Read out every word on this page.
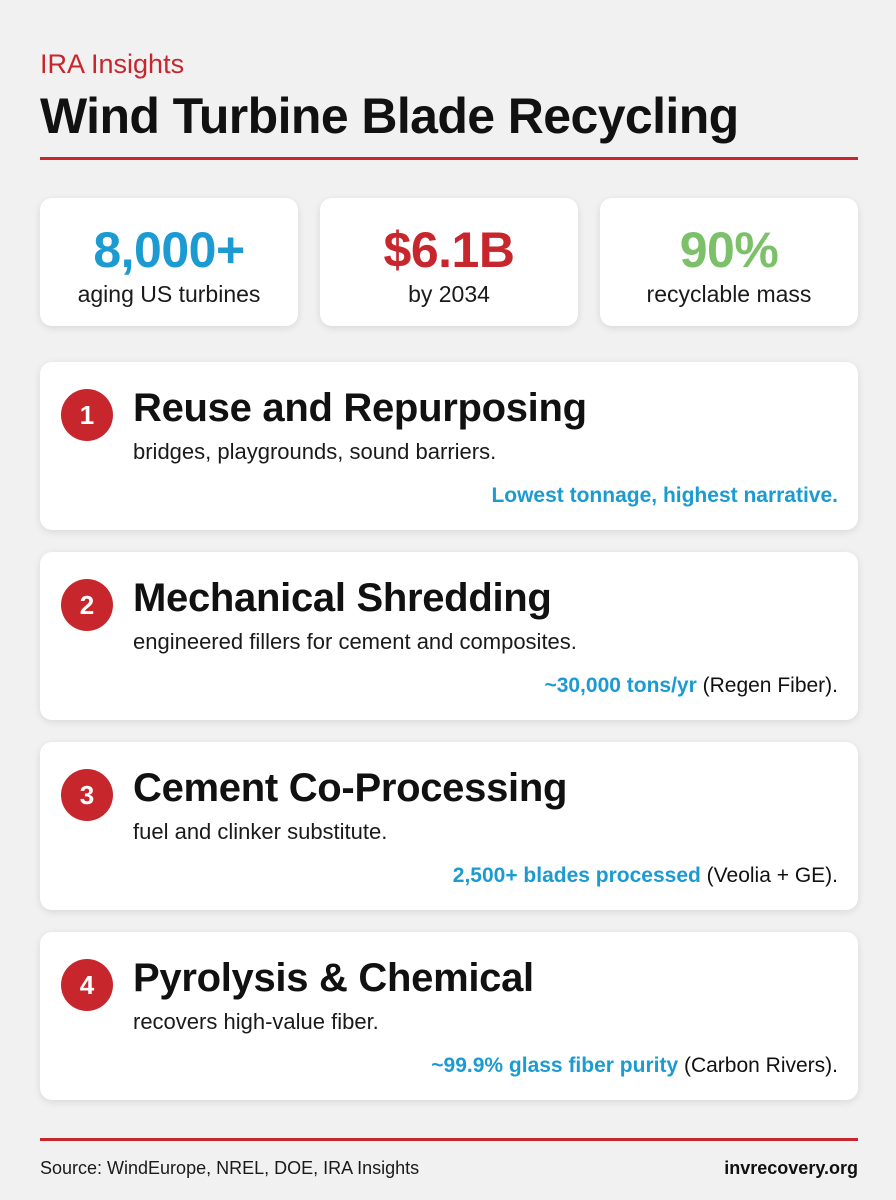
IRA Insights
Wind Turbine Blade Recycling
8,000+
aging US turbines
$6.1B
by 2034
90%
recyclable mass
1 Reuse and Repurposing
bridges, playgrounds, sound barriers.
Lowest tonnage, highest narrative.
2 Mechanical Shredding
engineered fillers for cement and composites.
~30,000 tons/yr (Regen Fiber).
3 Cement Co-Processing
fuel and clinker substitute.
2,500+ blades processed (Veolia + GE).
4 Pyrolysis & Chemical
recovers high-value fiber.
~99.9% glass fiber purity (Carbon Rivers).
Source: WindEurope, NREL, DOE, IRA Insights	invrecovery.org
